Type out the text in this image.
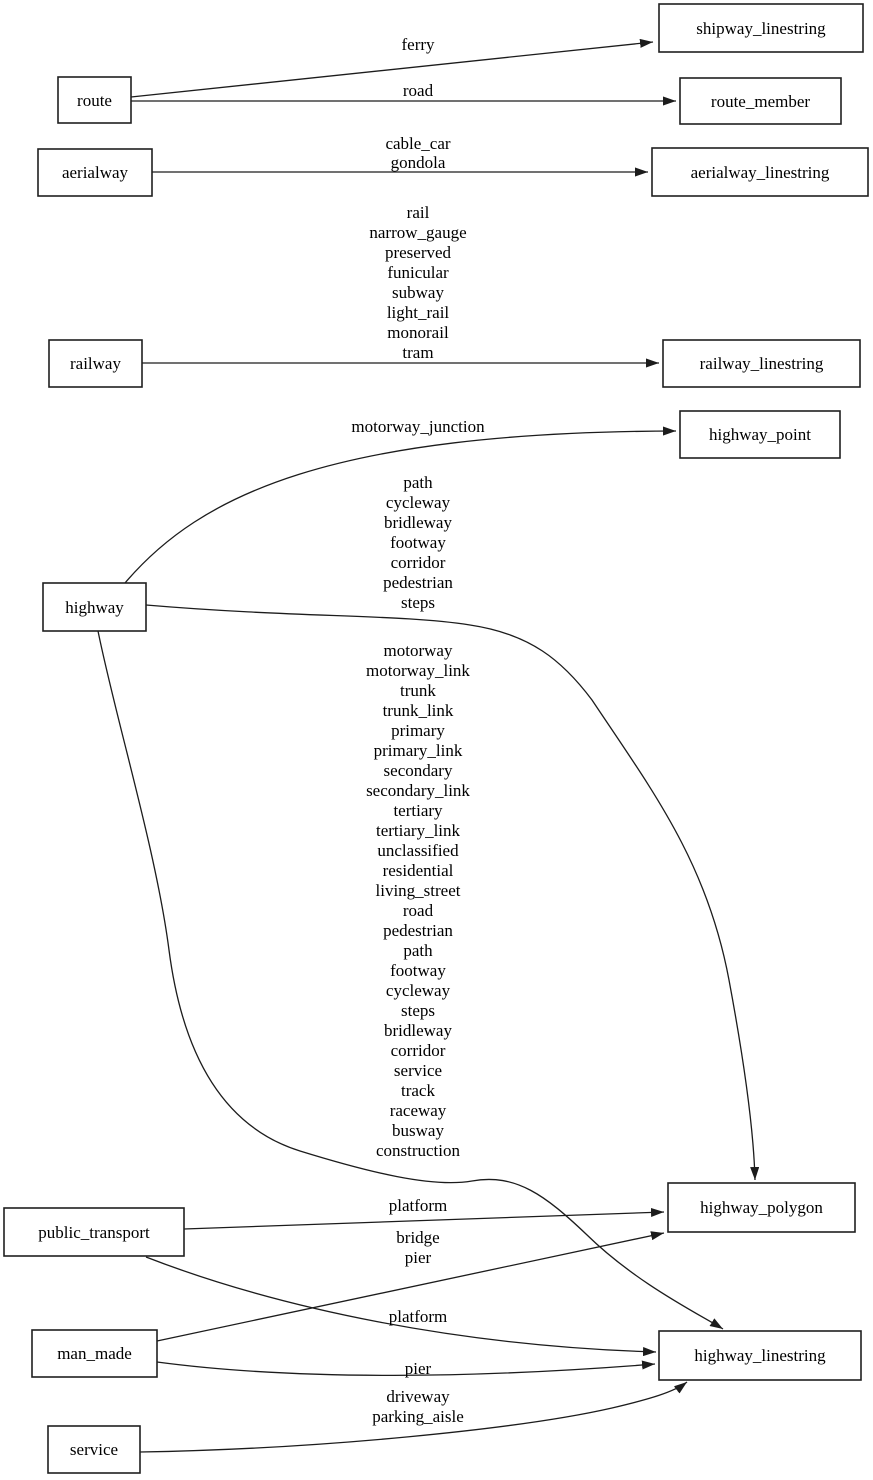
ferry
road
cable_car gondola
rail narrow_gauge preserved funicular subway light_rail monorail tram
motorway_junction
path cycleway bridleway footway corridor pedestrian steps
motorway motorway_link trunk trunk_link primary primary_link secondary secondary_link tertiary tertiary_link unclassified residential living_street road pedestrian path footway cycleway steps bridleway corridor service track raceway busway construction
platform
bridge pier
platform
pier
driveway parking_aisle
route
aerialway
railway
highway
public_transport
man_made
service
shipway_linestring
route_member
aerialway_linestring
railway_linestring
highway_point
highway_polygon
highway_linestring
